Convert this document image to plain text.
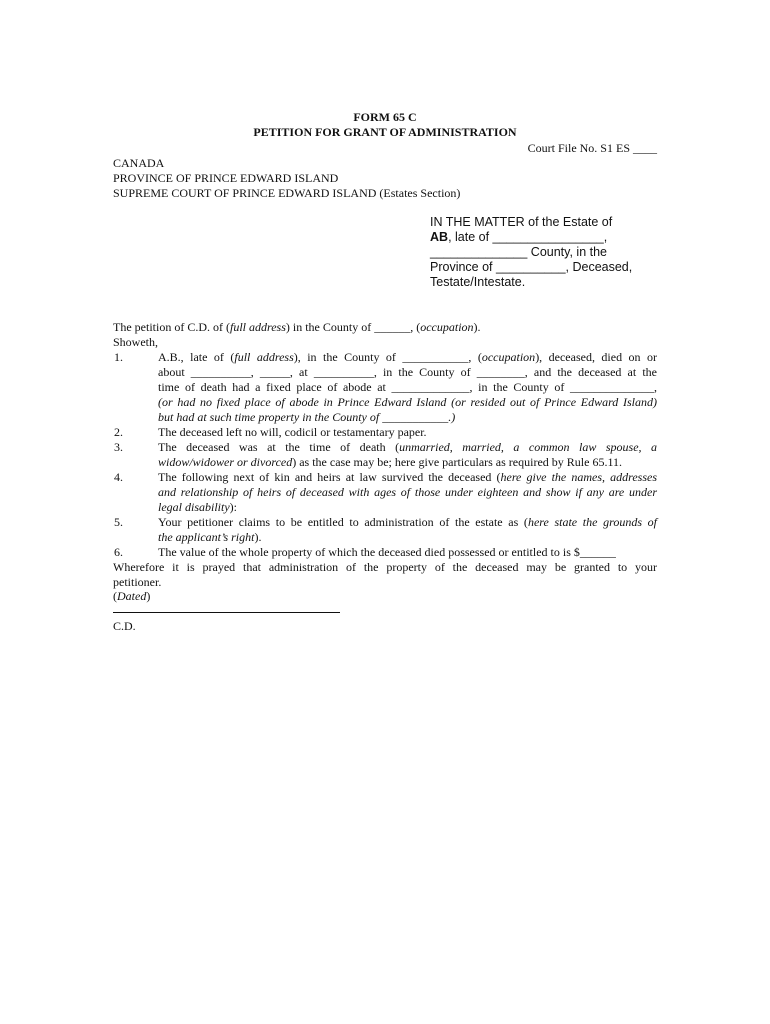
FORM 65 C
PETITION FOR GRANT OF ADMINISTRATION
Court File No. S1 ES ____
CANADA
PROVINCE OF PRINCE EDWARD ISLAND
SUPREME COURT OF PRINCE EDWARD ISLAND (Estates Section)
IN THE MATTER of the Estate of
AB, late of ________________,
______________ County, in the
Province of __________, Deceased,
Testate/Intestate.
The petition of C.D. of (full address) in the County of ______, (occupation).
Showeth,
1.	A.B., late of (full address), in the County of ___________, (occupation), deceased, died on or
about __________, _____, at __________, in the County of ________, and the deceased at the
time of death had a fixed place of abode at _____________, in the County of ______________,
(or had no fixed place of abode in Prince Edward Island (or resided out of Prince Edward Island)
but had at such time property in the County of ___________.)
2.	The deceased left no will, codicil or testamentary paper.
3.	The deceased was at the time of death (unmarried, married, a common law spouse, a
widow/widower or divorced) as the case may be; here give particulars as required by Rule 65.11.
4.	The following next of kin and heirs at law survived the deceased (here give the names, addresses
and relationship of heirs of deceased with ages of those under eighteen and show if any are under
legal disability):
5.	Your petitioner claims to be entitled to administration of the estate as (here state the grounds of
the applicant’s right).
6.	The value of the whole property of which the deceased died possessed or entitled to is $______
Wherefore it is prayed that administration of the property of the deceased may be granted to your
petitioner.
(Dated)
C.D.
